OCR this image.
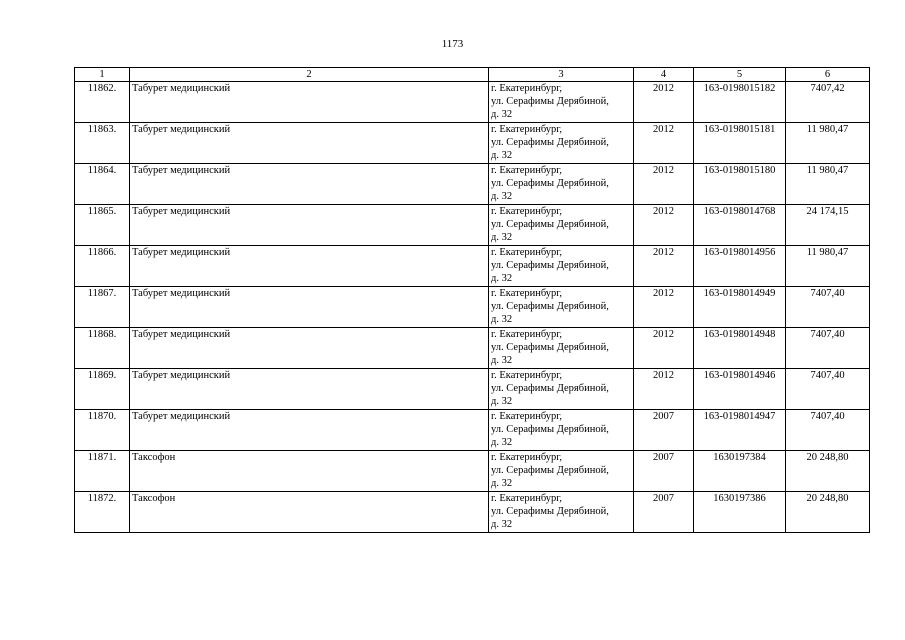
1173
1	2	3	4	5	6
11862.	Табурет медицинский	г. Екатеринбург,
ул. Серафимы Дерябиной,
д. 32	2012	163-0198015182	7407,42
11863.	Табурет медицинский	г. Екатеринбург,
ул. Серафимы Дерябиной,
д. 32	2012	163-0198015181	11 980,47
11864.	Табурет медицинский	г. Екатеринбург,
ул. Серафимы Дерябиной,
д. 32	2012	163-0198015180	11 980,47
11865.	Табурет медицинский	г. Екатеринбург,
ул. Серафимы Дерябиной,
д. 32	2012	163-0198014768	24 174,15
11866.	Табурет медицинский	г. Екатеринбург,
ул. Серафимы Дерябиной,
д. 32	2012	163-0198014956	11 980,47
11867.	Табурет медицинский	г. Екатеринбург,
ул. Серафимы Дерябиной,
д. 32	2012	163-0198014949	7407,40
11868.	Табурет медицинский	г. Екатеринбург,
ул. Серафимы Дерябиной,
д. 32	2012	163-0198014948	7407,40
11869.	Табурет медицинский	г. Екатеринбург,
ул. Серафимы Дерябиной,
д. 32	2012	163-0198014946	7407,40
11870.	Табурет медицинский	г. Екатеринбург,
ул. Серафимы Дерябиной,
д. 32	2007	163-0198014947	7407,40
11871.	Таксофон	г. Екатеринбург,
ул. Серафимы Дерябиной,
д. 32	2007	1630197384	20 248,80
11872.	Таксофон	г. Екатеринбург,
ул. Серафимы Дерябиной,
д. 32	2007	1630197386	20 248,80
